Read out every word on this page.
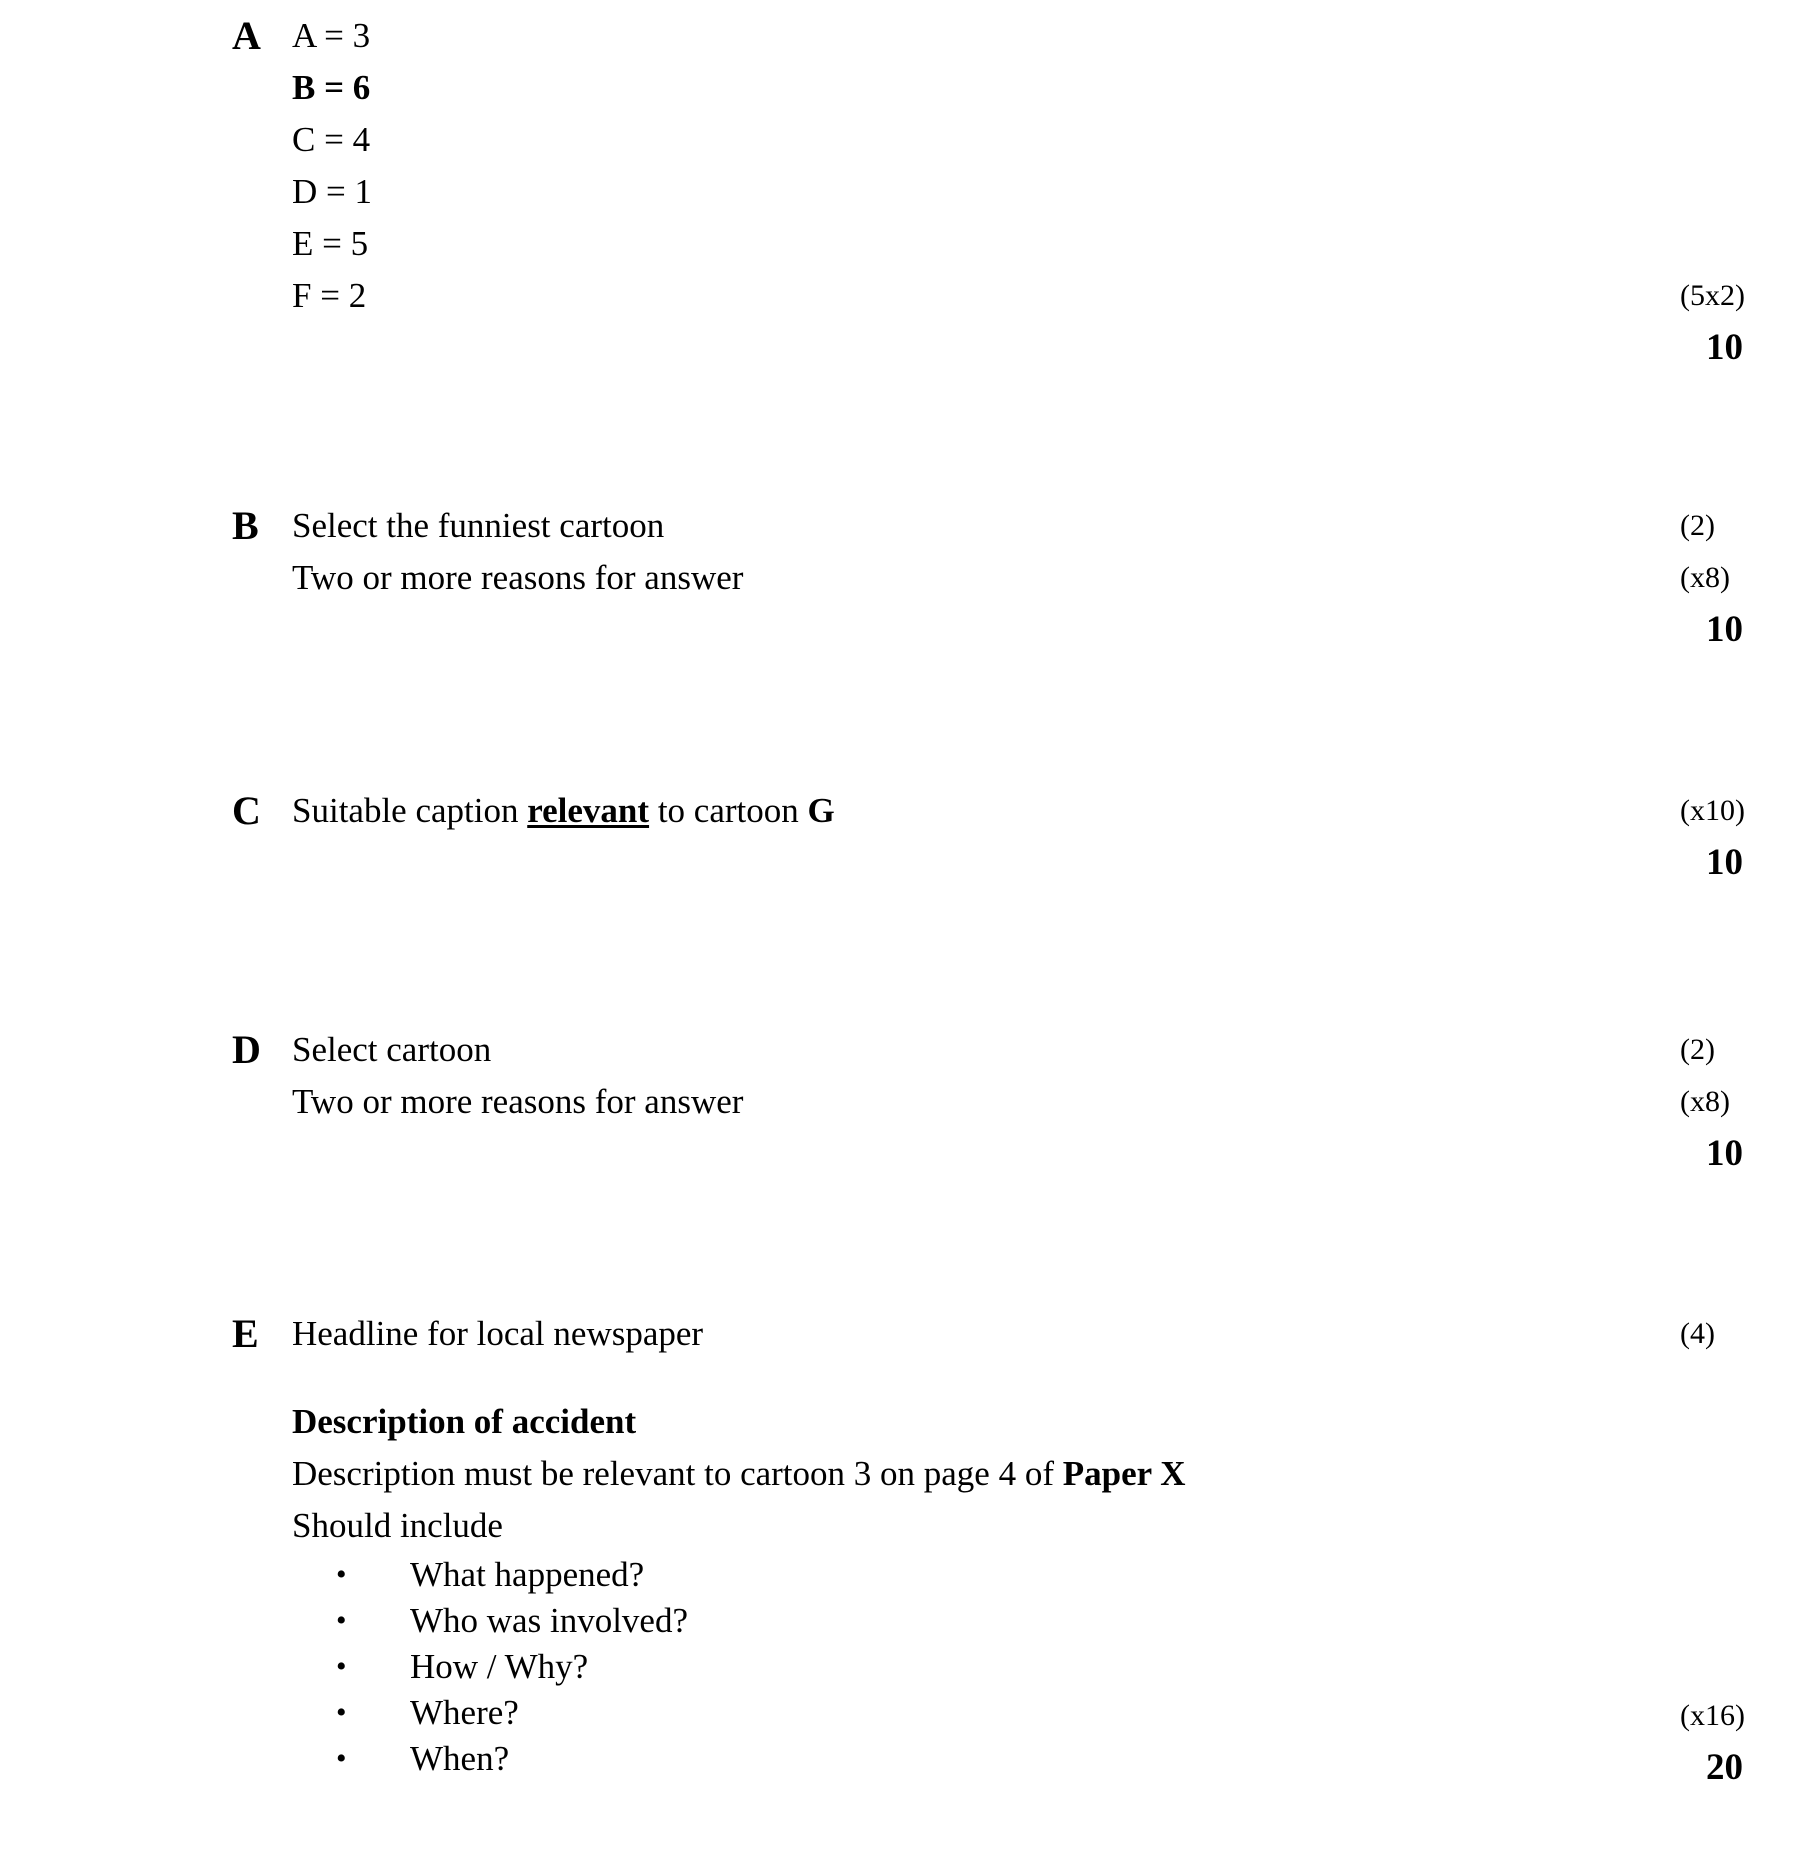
A A = 3
B = 6
C = 4
D = 1
E = 5
F = 2	(5x2)
10
B Select the funniest cartoon
Two or more reasons for answer
(2)
(x8)
10
C Suitable caption relevant to cartoon G	(x10)
10
D Select cartoon
Two or more reasons for answer
(2)
(x8)
10
E Headline for local newspaper
Description of accident
Description must be relevant to cartoon 3 on page 4 of Paper X
Should include
• What happened?
• Who was involved?
• How / Why?
• Where?
• When?
(4)
(x16)
20
